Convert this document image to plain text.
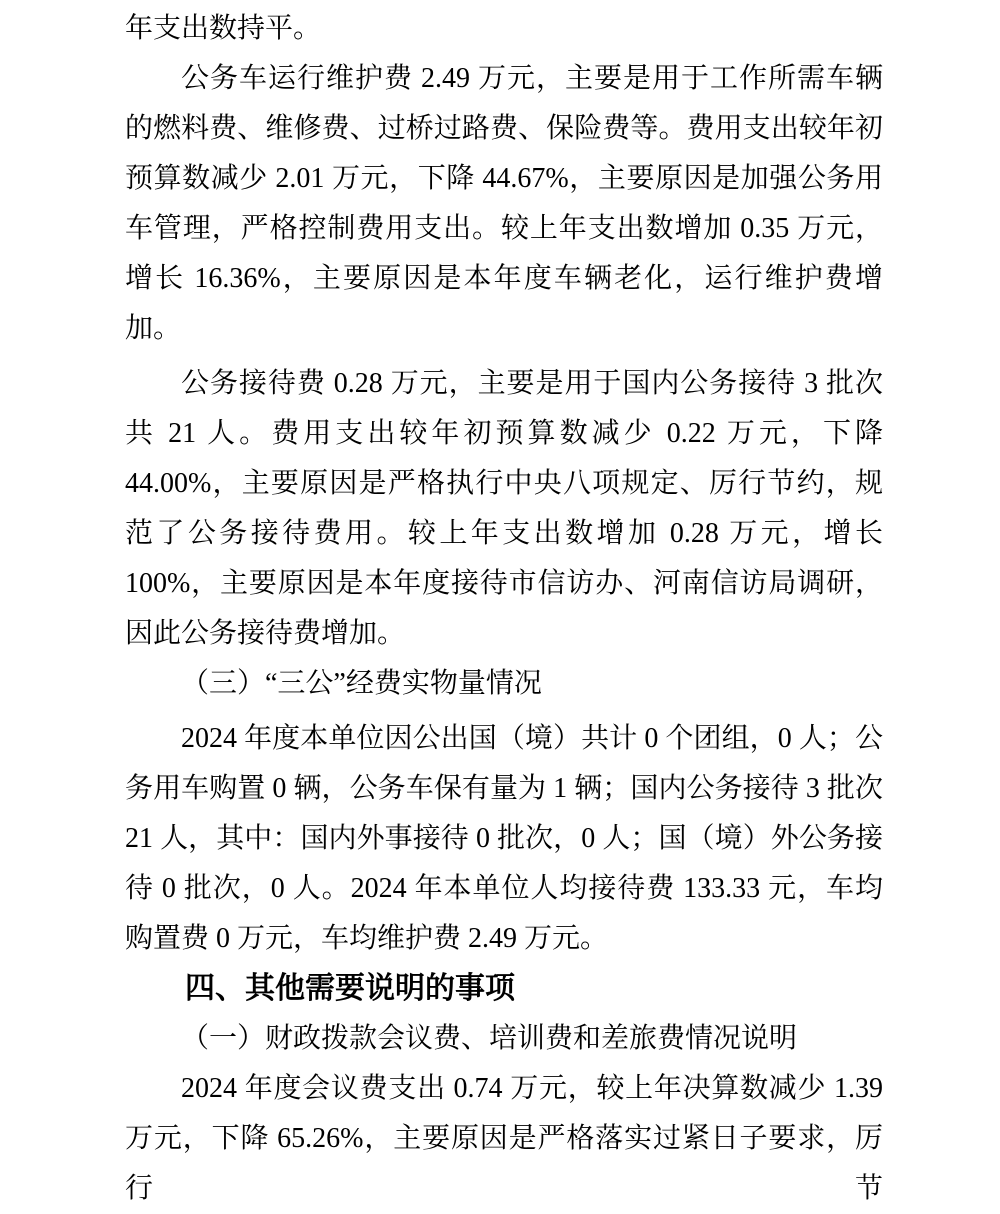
年支出数持平。

公务车运行维护费 2.49 万元，主要是用于工作所需车辆的燃料费、维修费、过桥过路费、保险费等。费用支出较年初预算数减少 2.01 万元，下降 44.67%，主要原因是加强公务用车管理，严格控制费用支出。较上年支出数增加 0.35 万元，增长 16.36%，主要原因是本年度车辆老化，运行维护费增加。

公务接待费 0.28 万元，主要是用于国内公务接待 3 批次共 21 人。费用支出较年初预算数减少 0.22 万元，下降 44.00%，主要原因是严格执行中央八项规定、厉行节约，规范了公务接待费用。较上年支出数增加 0.28 万元，增长 100%，主要原因是本年度接待市信访办、河南信访局调研，因此公务接待费增加。

（三）“三公”经费实物量情况

2024 年度本单位因公出国（境）共计 0 个团组，0 人；公务用车购置 0 辆，公务车保有量为 1 辆；国内公务接待 3 批次 21 人，其中：国内外事接待 0 批次，0 人；国（境）外公务接待 0 批次，0 人。2024 年本单位人均接待费 133.33 元，车均购置费 0 万元，车均维护费 2.49 万元。

四、其他需要说明的事项

（一）财政拨款会议费、培训费和差旅费情况说明

2024 年度会议费支出 0.74 万元，较上年决算数减少 1.39 万元，下降 65.26%，主要原因是严格落实过紧日子要求，厉行节
